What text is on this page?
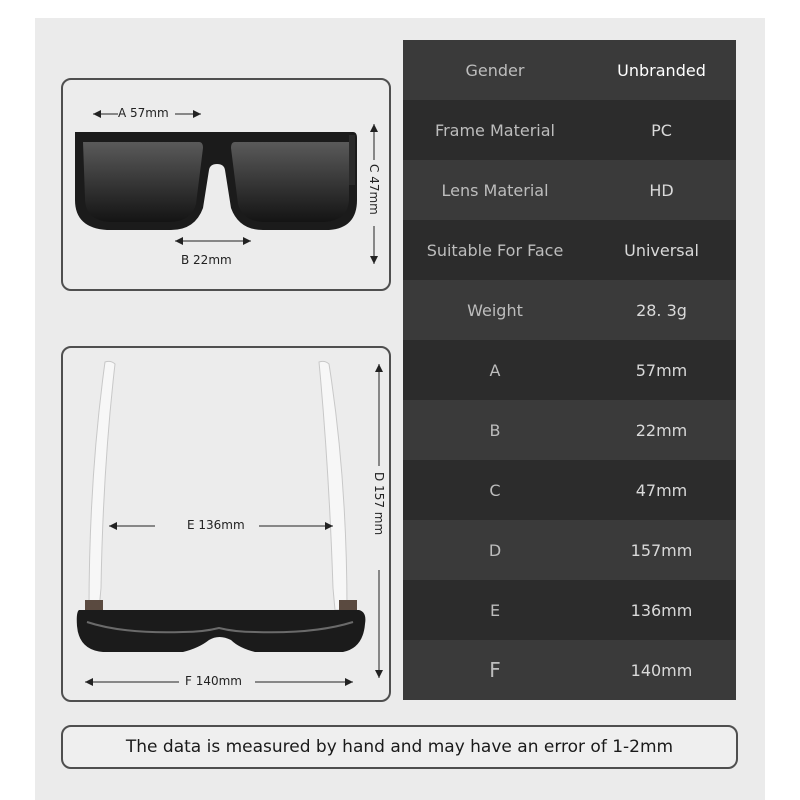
A 57mm
B 22mm
C 47mm
E 136mm
F 140mm
D 157 mm
Gender	Unbranded
Frame Material	PC
Lens Material	HD
Suitable For Face	Universal
Weight	28. 3g
A	57mm
B	22mm
C	47mm
D	157mm
E	136mm
F	140mm
The data is measured by hand and may have an error of 1-2mm
